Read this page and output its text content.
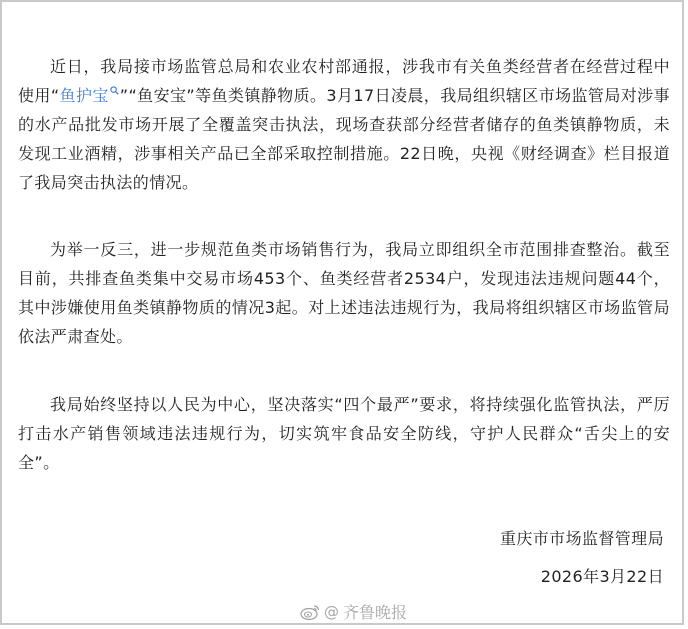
近日，我局接市场监管总局和农业农村部通报，涉我市有关鱼类经营者在经营过程中使用“鱼护宝 ”“鱼安宝”等鱼类镇静物质。3月17日凌晨，我局组织辖区市场监管局对涉事的水产品批发市场开展了全覆盖突击执法，现场查获部分经营者储存的鱼类镇静物质，未发现工业酒精，涉事相关产品已全部采取控制措施。22日晚，央视《财经调查》栏目报道了我局突击执法的情况。

为举一反三，进一步规范鱼类市场销售行为，我局立即组织全市范围排查整治。截至目前，共排查鱼类集中交易市场453个、鱼类经营者2534户，发现违法违规问题44个，其中涉嫌使用鱼类镇静物质的情况3起。对上述违法违规行为，我局将组织辖区市场监管局依法严肃查处。

我局始终坚持以人民为中心，坚决落实“四个最严”要求，将持续强化监管执法，严厉打击水产销售领域违法违规行为，切实筑牢食品安全防线，守护人民群众“舌尖上的安全”。

重庆市市场监督管理局
2026年3月22日
@ 齐鲁晚报
